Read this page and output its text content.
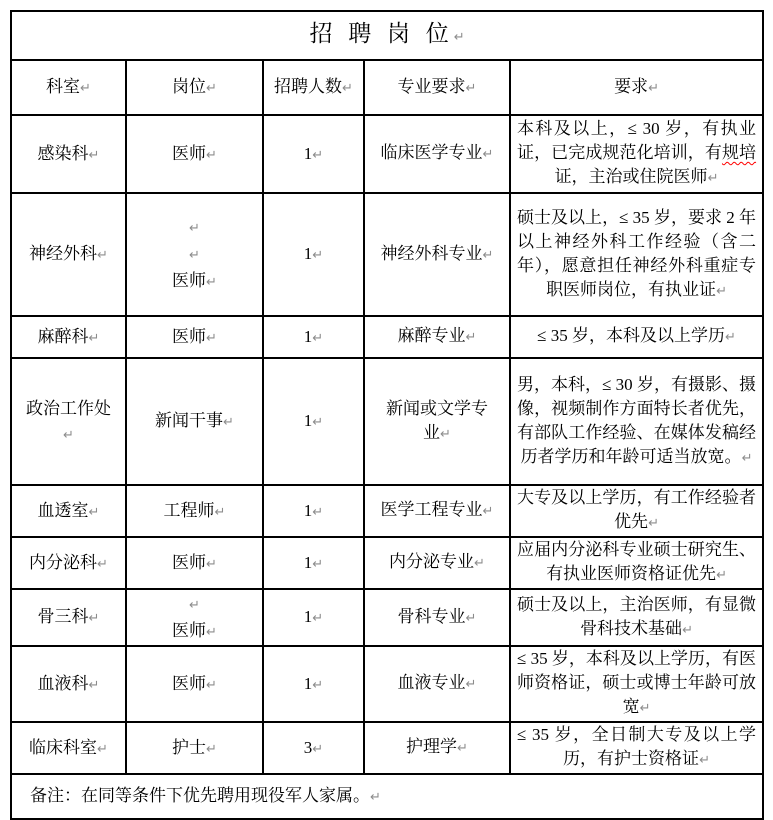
招 聘 岗 位↵				
科室↵	岗位↵	招聘人数↵	专业要求↵	要求↵
感染科↵	医师↵	1↵	临床医学专业↵	本科及以上，≤ 30 岁，有执业证，已完成规范化培训，有规培证，主治或住院医师↵
神经外科↵	↵
↵
医师↵	1↵	神经外科专业↵	硕士及以上，≤ 35 岁，要求 2 年以上神经外科工作经验（含二年），愿意担任神经外科重症专职医师岗位，有执业证↵
麻醉科↵	医师↵	1↵	麻醉专业↵	≤ 35 岁，本科及以上学历↵
政治工作处↵	新闻干事↵	1↵	新闻或文学专业↵	男，本科，≤ 30 岁，有摄影、摄像，视频制作方面特长者优先，有部队工作经验、在媒体发稿经历者学历和年龄可适当放宽。↵
血透室↵	工程师↵	1↵	医学工程专业↵	大专及以上学历，有工作经验者优先↵
内分泌科↵	医师↵	1↵	内分泌专业↵	应届内分泌科专业硕士研究生、有执业医师资格证优先↵
骨三科↵	↵
医师↵	1↵	骨科专业↵	硕士及以上，主治医师，有显微骨科技术基础↵
血液科↵	医师↵	1↵	血液专业↵	≤ 35 岁，本科及以上学历，有医师资格证，硕士或博士年龄可放宽↵
临床科室↵	护士↵	3↵	护理学↵	≤ 35 岁，全日制大专及以上学历，有护士资格证↵
备注：在同等条件下优先聘用现役军人家属。↵				
